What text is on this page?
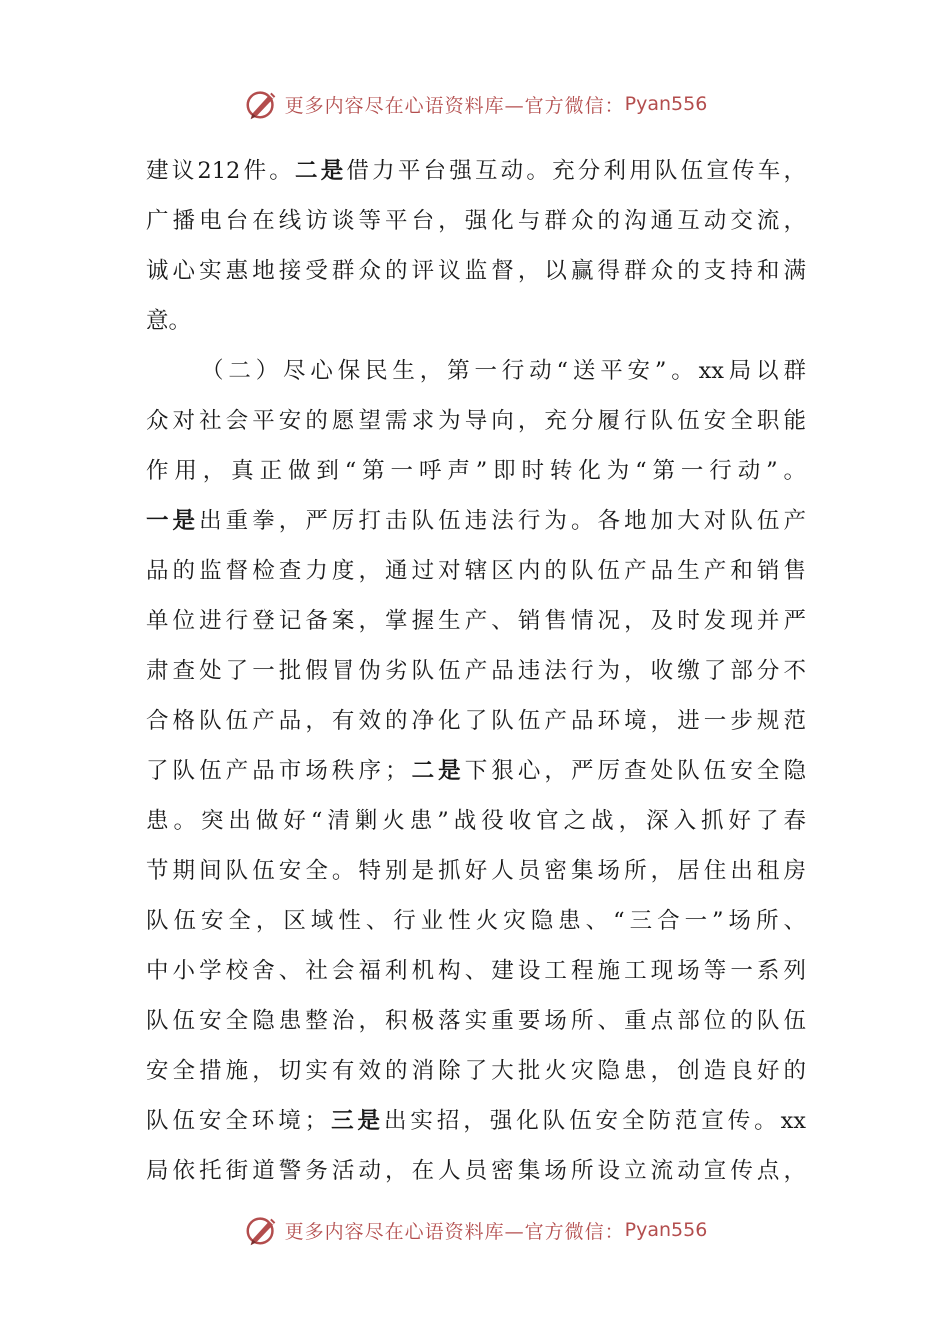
更多内容尽在心语资料库—官方微信： Pyan556
建议212件。二是借力平台强互动。充分利用队伍宣传车，
广播电台在线访谈等平台，强化与群众的沟通互动交流，
诚心实惠地接受群众的评议监督，以赢得群众的支持和满
意。
（二）尽心保民生，第一行动“送平安”。xx局以群
众对社会平安的愿望需求为导向，充分履行队伍安全职能
作用，真正做到“第一呼声”即时转化为“第一行动”。
一是出重拳，严厉打击队伍违法行为。各地加大对队伍产
品的监督检查力度，通过对辖区内的队伍产品生产和销售
单位进行登记备案，掌握生产、销售情况，及时发现并严
肃查处了一批假冒伪劣队伍产品违法行为，收缴了部分不
合格队伍产品，有效的净化了队伍产品环境，进一步规范
了队伍产品市场秩序；二是下狠心，严厉查处队伍安全隐
患。突出做好“清剿火患”战役收官之战，深入抓好了春
节期间队伍安全。特别是抓好人员密集场所，居住出租房
队伍安全，区域性、行业性火灾隐患、“三合一”场所、
中小学校舍、社会福利机构、建设工程施工现场等一系列
队伍安全隐患整治，积极落实重要场所、重点部位的队伍
安全措施，切实有效的消除了大批火灾隐患，创造良好的
队伍安全环境；三是出实招，强化队伍安全防范宣传。xx
局依托街道警务活动，在人员密集场所设立流动宣传点，
更多内容尽在心语资料库—官方微信： Pyan556
